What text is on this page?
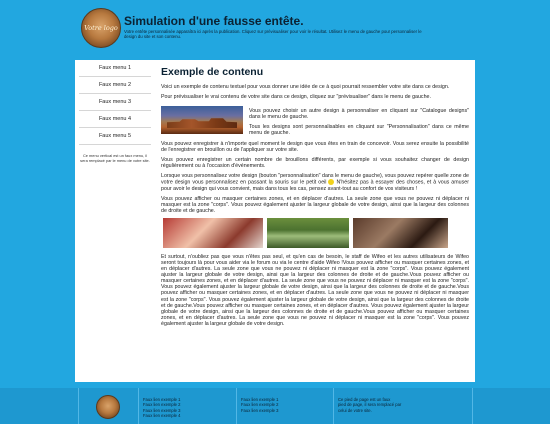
Votre logo Simulation d'une fausse entête.
Votre entête personnalisée apparaîtra ici après la publication. Cliquez sur prévisualiser pour voir le résultat. Utilisez le menu de gauche pour personnaliser le design du site et son contenu.
Faux menu 1
Faux menu 2
Faux menu 3
Faux menu 4
Faux menu 5
Ce menu vertical est un faux menu, il sera remplacé par le menu de votre site.
Exemple de contenu

Voici un exemple de contenu textuel pour vous donner une idée de ce à quoi pourrait ressembler votre site dans ce design.

Pour prévisualiser le vrai contenu de votre site dans ce design, cliquez sur "prévisualiser" dans le menu de gauche.

Vous pouvez choisir un autre design à personnaliser en cliquant sur "Catalogue designs" dans le menu de gauche.

Tous les designs sont personnalisables en cliquant sur "Personnalisation" dans ce même menu de gauche.

Vous pouvez enregistrer à n'importe quel moment le design que vous êtes en train de concevoir. Vous serez ensuite la possibilité de l'enregistrer en brouillon ou de l'appliquer sur votre site.

Vous pouvez enregistrer un certain nombre de brouillons différents, par exemple si vous souhaitez changer de design régulièrement ou à l'occasion d'événements.

Lorsque vous personnalisez votre design (bouton "personnalisation" dans le menu de gauche), vous pouvez repérer quelle zone de votre design vous personnalisez en passant la souris sur le petit oeil N'hésitez pas à essayer des choses, et à vous amuser pour avoir le design qui vous convient, mais dans tous les cas, pensez avant-tout au confort de vos visiteurs !

Vous pouvez afficher ou masquer certaines zones, et en déplacer d'autres. La seule zone que vous ne pouvez ni déplacer ni masquer est la zone "corps". Vous pouvez également ajuster la largeur globale de votre design, ainsi que la largeur des colonnes de droite et de gauche.

Et surtout, n'oubliez pas que vous n'êtes pas seul, et qu'en cas de besoin, le staff de Wifeo et les autres utilisateurs de Wifeo seront toujours là pour vous aider via le forum ou via le centre d'aide Wifeo !Vous pouvez afficher ou masquer certaines zones, et en déplacer d'autres. La seule zone que vous ne pouvez ni déplacer ni masquer est la zone "corps". Vous pouvez également ajuster la largeur globale de votre design, ainsi que la largeur des colonnes de droite et de gauche.Vous pouvez afficher ou masquer certaines zones, et en déplacer d'autres. La seule zone que vous ne pouvez ni déplacer ni masquer est la zone "corps". Vous pouvez également ajuster la largeur globale de votre design, ainsi que la largeur des colonnes de droite et de gauche.Vous pouvez afficher ou masquer certaines zones, et en déplacer d'autres. La seule zone que vous ne pouvez ni déplacer ni masquer est la zone "corps". Vous pouvez également ajuster la largeur globale de votre design, ainsi que la largeur des colonnes de droite et de gauche.Vous pouvez afficher ou masquer certaines zones, et en déplacer d'autres. Vous pouvez également ajuster la largeur globale de votre design, ainsi que la largeur des colonnes de droite et de gauche.Vous pouvez afficher ou masquer certaines zones, et en déplacer d'autres. La seule zone que vous ne pouvez ni déplacer ni masquer est la zone "corps". Vous pouvez également ajuster la largeur globale de votre design.

Faux lien exemple 1
Faux lien exemple 2
Faux lien exemple 3
Faux lien exemple 4
Faux lien exemple 1
Faux lien exemple 2
Faux lien exemple 3
Ce pied de page est un faux
pied de page, il sera remplacé par
celui de votre site.
